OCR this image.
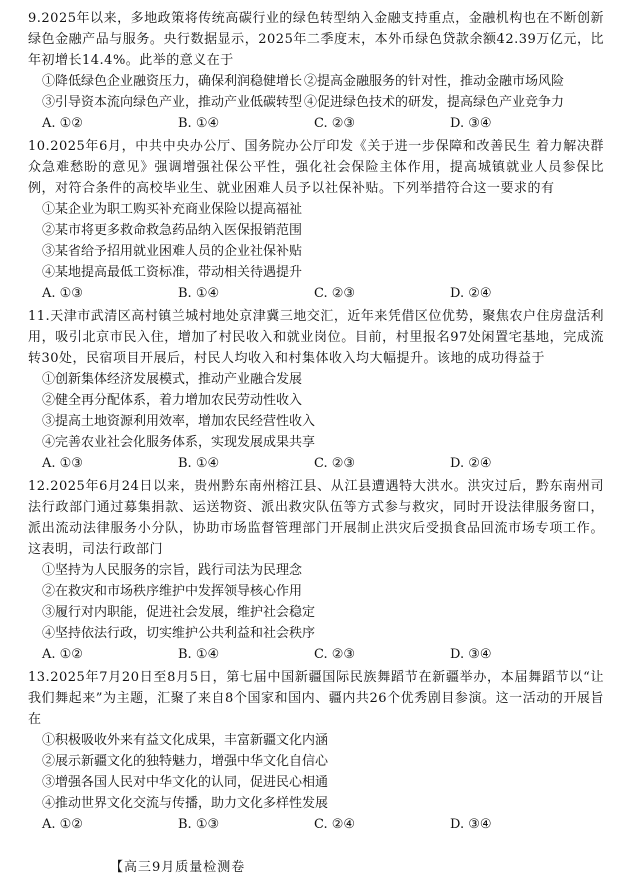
9.2025年以来，多地政策将传统高碳行业的绿色转型纳入金融支持重点，金融机构也在不断创新绿色金融产品与服务。央行数据显示，2025年二季度末，本外币绿色贷款余额42.39万亿元，比年初增长14.4%。此举的意义在于

①降低绿色企业融资压力，确保利润稳健增长 ②提高金融服务的针对性，推动金融市场风险
③引导资本流向绿色产业，推动产业低碳转型 ④促进绿色技术的研发，提高绿色产业竞争力
A. ①②	B. ①④	C. ②③	D. ③④

10.2025年6月，中共中央办公厅、国务院办公厅印发《关于进一步保障和改善民生 着力解决群众急难愁盼的意见》强调增强社保公平性，强化社会保险主体作用，提高城镇就业人员参保比例，对符合条件的高校毕业生、就业困难人员予以社保补贴。下列举措符合这一要求的有

①某企业为职工购买补充商业保险以提高福祉
②某市将更多救命救急药品纳入医保报销范围
③某省给予招用就业困难人员的企业社保补贴
④某地提高最低工资标准，带动相关待遇提升
A. ①③	B. ①④	C. ②③	D. ②④

11.天津市武清区高村镇兰城村地处京津冀三地交汇，近年来凭借区位优势，聚焦农户住房盘活利用，吸引北京市民入住，增加了村民收入和就业岗位。目前，村里报名97处闲置宅基地，完成流转30处，民宿项目开展后，村民人均收入和村集体收入均大幅提升。该地的成功得益于

①创新集体经济发展模式，推动产业融合发展
②健全再分配体系，着力增加农民劳动性收入
③提高土地资源利用效率，增加农民经营性收入
④完善农业社会化服务体系，实现发展成果共享
A. ①③	B. ①④	C. ②③	D. ②④

12.2025年6月24日以来，贵州黔东南州榕江县、从江县遭遇特大洪水。洪灾过后，黔东南州司法行政部门通过募集捐款、运送物资、派出救灾队伍等方式参与救灾，同时开设法律服务窗口，派出流动法律服务小分队，协助市场监督管理部门开展制止洪灾后受损食品回流市场专项工作。这表明，司法行政部门

①坚持为人民服务的宗旨，践行司法为民理念
②在救灾和市场秩序维护中发挥领导核心作用
③履行对内职能，促进社会发展，维护社会稳定
④坚持依法行政，切实维护公共利益和社会秩序
A. ①②	B. ①④	C. ②③	D. ③④

13.2025年7月20日至8月5日，第七届中国新疆国际民族舞蹈节在新疆举办，本届舞蹈节以“让我们舞起来”为主题，汇聚了来自8个国家和国内、疆内共26个优秀剧目参演。这一活动的开展旨在

①积极吸收外来有益文化成果，丰富新疆文化内涵
②展示新疆文化的独特魅力，增强中华文化自信心
③增强各国人民对中华文化的认同，促进民心相通
④推动世界文化交流与传播，助力文化多样性发展
A. ①②	B. ①③	C. ②④	D. ③④
【高三9月质量检测卷
